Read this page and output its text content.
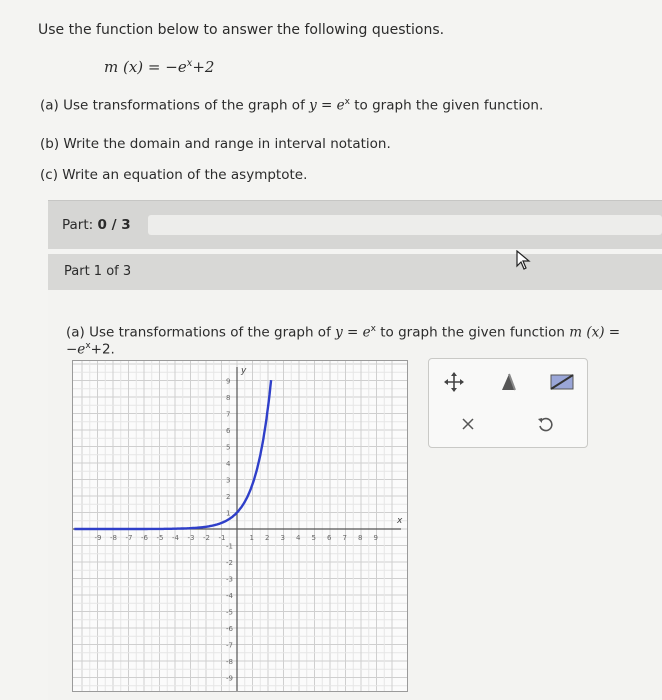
Use the function below to answer the following questions.
m $(x) = -e^x+2$
(a) Use transformations of the graph of $y = e^x$ to graph the given function.
(b) Write the domain and range in interval notation.
(c) Write an equation of the asymptote.
Part: 0 / 3
Part 1 of 3
(a) Use transformations of the graph of $y = e^x$ to graph the given function m $(x) = -e^x+2$.
x
y
-9 -8 -7 -6 -5 -4 -3 -2 -1	1 2 3 4 5 6 7 8 9
9
8
7
6
5
4
3
2
1
-1
-2
-3
-4
-5
-6
-7
-8
-9
